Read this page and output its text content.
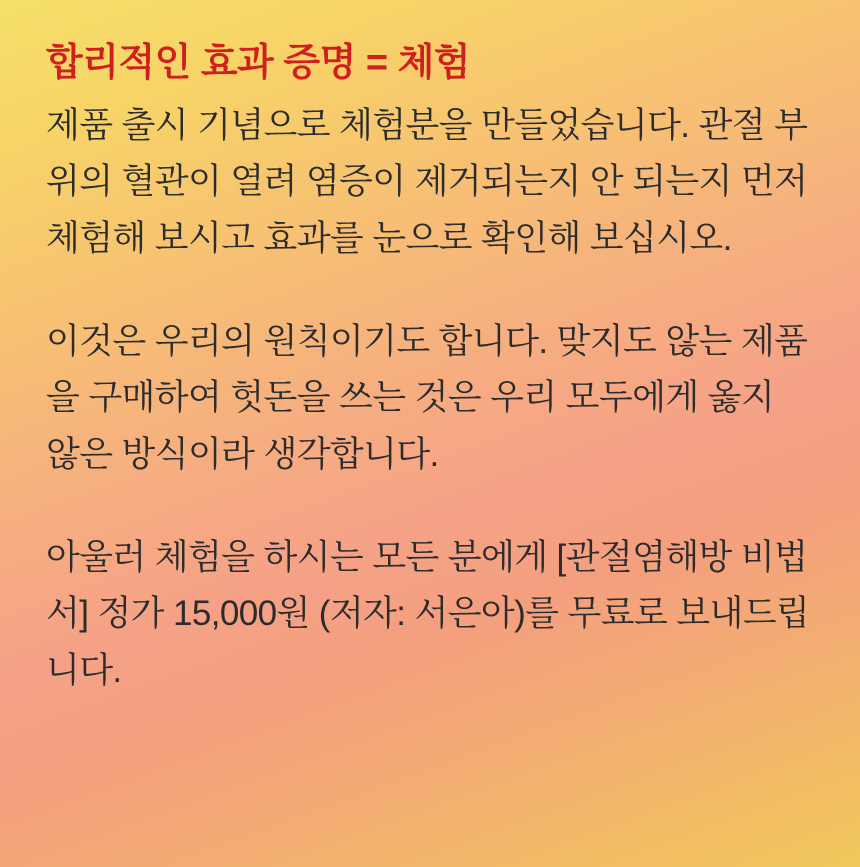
합리적인 효과 증명 = 체험

제품 출시 기념으로 체험분을 만들었습니다. 관절 부위의 혈관이 열려 염증이 제거되는지 안 되는지 먼저 체험해 보시고 효과를 눈으로 확인해 보십시오.

이것은 우리의 원칙이기도 합니다. 맞지도 않는 제품을 구매하여 헛돈을 쓰는 것은 우리 모두에게 옳지 않은 방식이라 생각합니다.

아울러 체험을 하시는 모든 분에게 [관절염해방 비법서] 정가 15,000원 (저자: 서은아)를 무료로 보내드립니다.
